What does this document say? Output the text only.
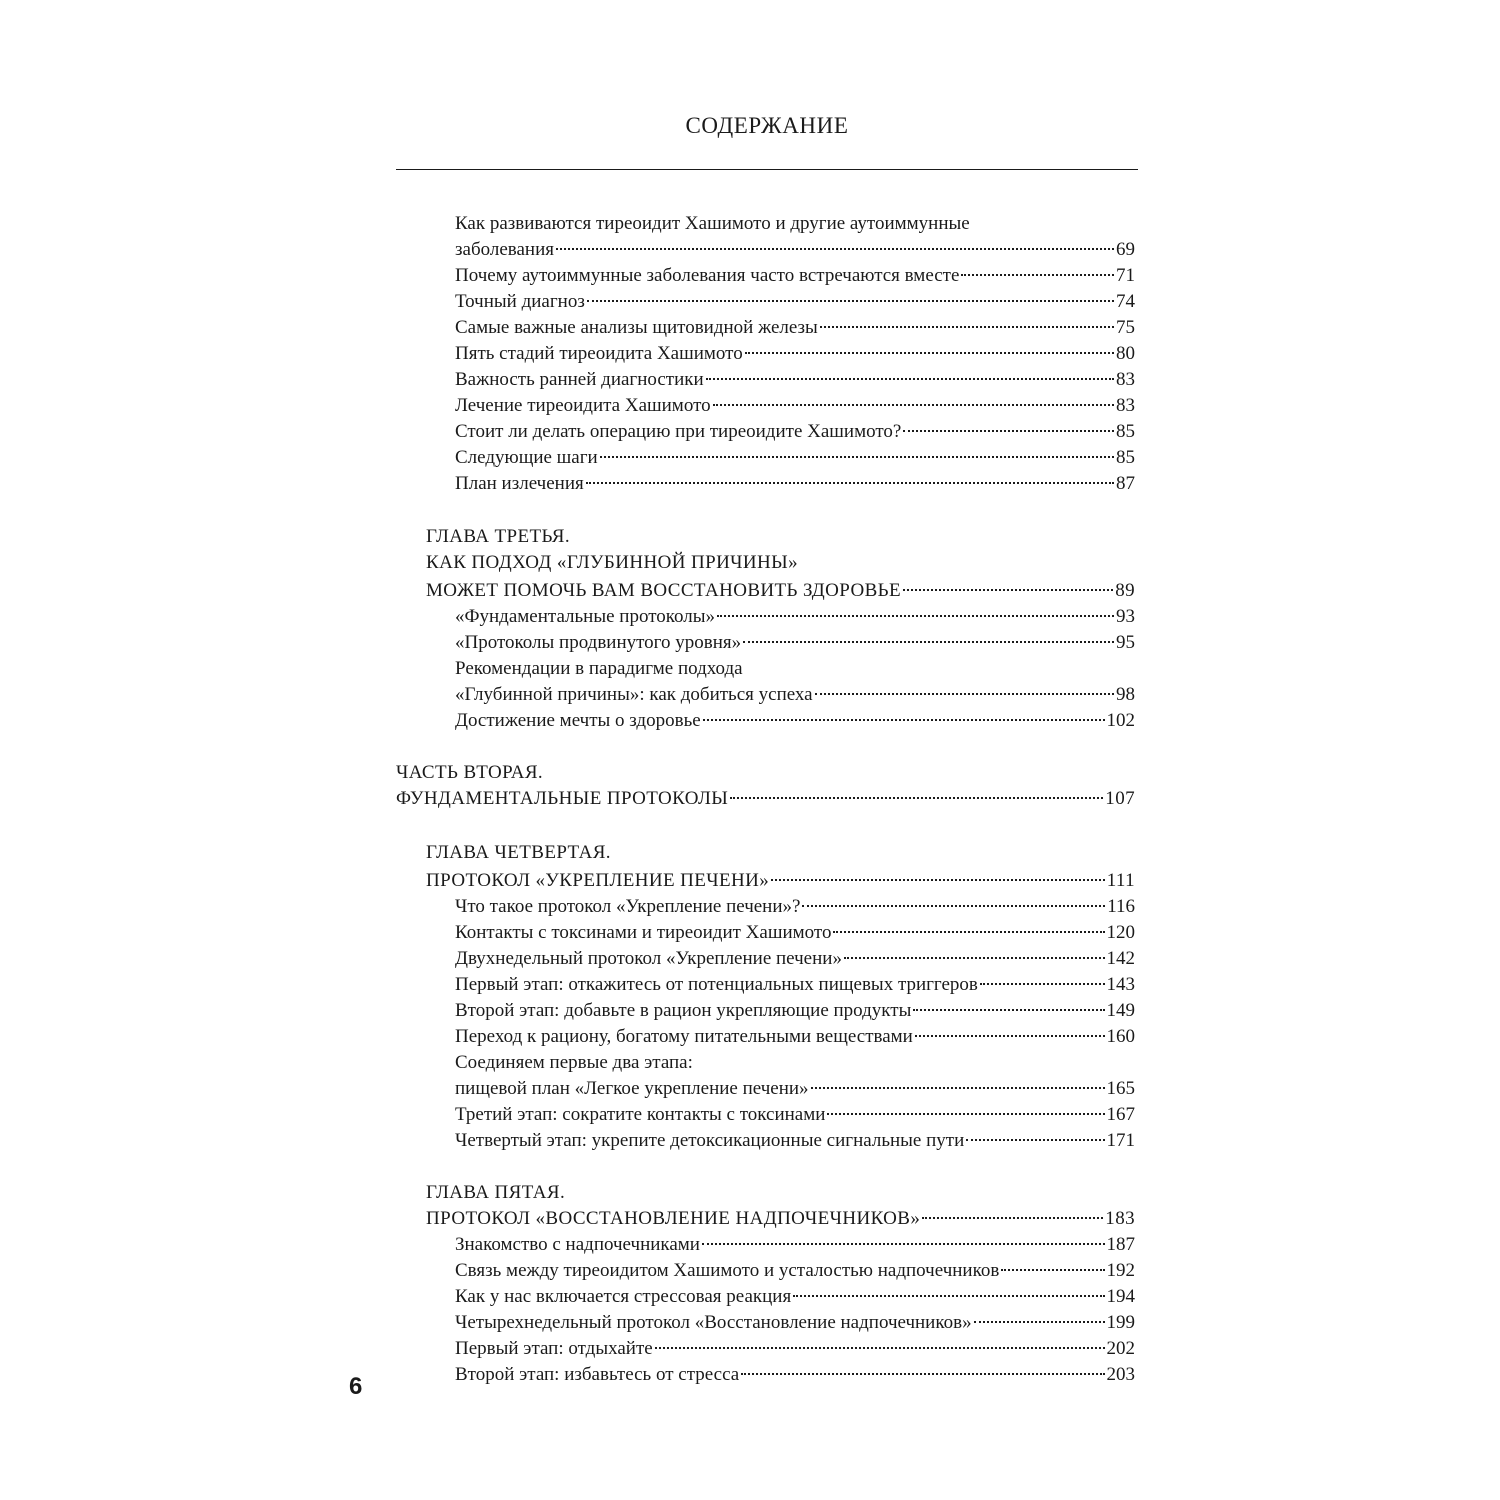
СОДЕРЖАНИЕ
Как развиваются тиреоидит Хашимото и другие аутоиммунные
заболевания	69
Почему аутоиммунные заболевания часто встречаются вместе	71
Точный диагноз	74
Самые важные анализы щитовидной железы	75
Пять стадий тиреоидита Хашимото	80
Важность ранней диагностики	83
Лечение тиреоидита Хашимото	83
Стоит ли делать операцию при тиреоидите Хашимото?	85
Следующие шаги	85
План излечения	87
ГЛАВА ТРЕТЬЯ.
КАК ПОДХОД «ГЛУБИННОЙ ПРИЧИНЫ»
МОЖЕТ ПОМОЧЬ ВАМ ВОССТАНОВИТЬ ЗДОРОВЬЕ	89
«Фундаментальные протоколы»	93
«Протоколы продвинутого уровня»	95
Рекомендации в парадигме подхода
«Глубинной причины»: как добиться успеха	98
Достижение мечты о здоровье	102
ЧАСТЬ ВТОРАЯ.
ФУНДАМЕНТАЛЬНЫЕ ПРОТОКОЛЫ	107
ГЛАВА ЧЕТВЕРТАЯ.
ПРОТОКОЛ «УКРЕПЛЕНИЕ ПЕЧЕНИ»	111
Что такое протокол «Укрепление печени»?	116
Контакты с токсинами и тиреоидит Хашимото	120
Двухнедельный протокол «Укрепление печени»	142
Первый этап: откажитесь от потенциальных пищевых триггеров	143
Второй этап: добавьте в рацион укрепляющие продукты	149
Переход к рациону, богатому питательными веществами	160
Соединяем первые два этапа:
пищевой план «Легкое укрепление печени»	165
Третий этап: сократите контакты с токсинами	167
Четвертый этап: укрепите детоксикационные сигнальные пути	171
ГЛАВА ПЯТАЯ.
ПРОТОКОЛ «ВОССТАНОВЛЕНИЕ НАДПОЧЕЧНИКОВ»	183
Знакомство с надпочечниками	187
Связь между тиреоидитом Хашимото и усталостью надпочечников	192
Как у нас включается стрессовая реакция	194
Четырехнедельный протокол «Восстановление надпочечников»	199
Первый этап: отдыхайте	202
Второй этап: избавьтесь от стресса	203
6
